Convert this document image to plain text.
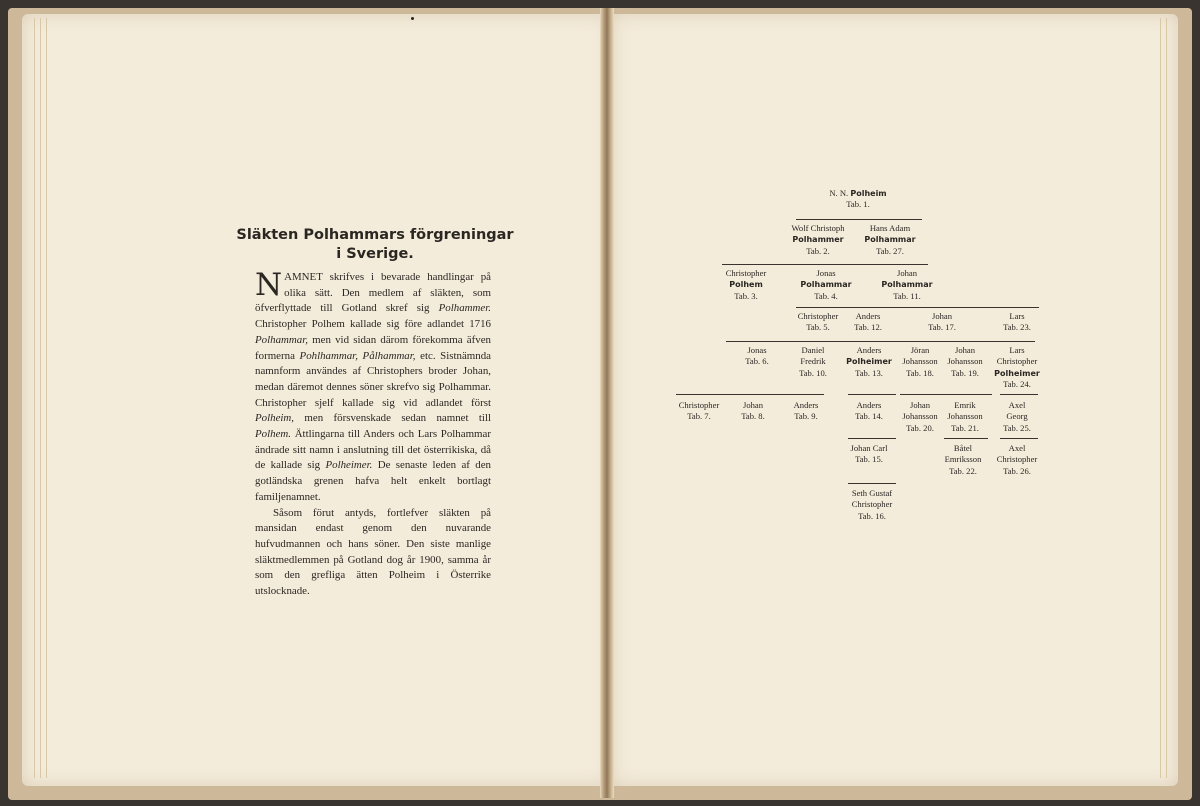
Släkten Polhammars förgreningar
i Sverige.

NAMNET skrifves i bevarade handlingar på olika sätt. Den medlem af släkten, som öfverflyttade till Gotland skref sig Polhammer. Christopher Polhem kallade sig före adlandet 1716 Polhammar, men vid sidan därom förekomma äfven formerna Pohlhammar, Pålhammar, etc. Sistnämnda namnform användes af Christophers broder Johan, medan däremot dennes söner skrefvo sig Polhammar. Christopher sjelf kallade sig vid adlandet först Polheim, men försvenskade sedan namnet till Polhem. Ättlingarna till Anders och Lars Polhammar ändrade sitt namn i anslutning till det österrikiska, då de kallade sig Polheimer. De senaste leden af den gotländska grenen hafva helt enkelt bortlagt familjenamnet.

Såsom förut antyds, fortlefver släkten på mansidan endast genom den nuvarande hufvudmannen och hans söner. Den siste manlige släktmedlemmen på Gotland dog år 1900, samma år som den grefliga ätten Polheim i Österrike utslocknade.

N. N. Polheim
Tab. 1.
Wolf Christoph
Polhammer
Tab. 2.
Hans Adam
Polhammar
Tab. 27.
Christopher
Polhem
Tab. 3.
Jonas
Polhammar
Tab. 4.
Johan
Polhammar
Tab. 11.
Christopher
Tab. 5.
Anders
Tab. 12.
Johan
Tab. 17.
Lars
Tab. 23.
Jonas
Tab. 6.
Daniel
Fredrik
Tab. 10.
Anders
Polheimer
Tab. 13.
Jöran
Johansson
Tab. 18.
Johan
Johansson
Tab. 19.
Lars
Christopher
Polheimer
Tab. 24.
Christopher
Tab. 7.
Johan
Tab. 8.
Anders
Tab. 9.
Anders
Tab. 14.
Johan
Johansson
Tab. 20.
Emrik
Johansson
Tab. 21.
Axel
Georg
Tab. 25.
Johan Carl
Tab. 15.
Båtel
Emriksson
Tab. 22.
Axel
Christopher
Tab. 26.
Seth Gustaf
Christopher
Tab. 16.
